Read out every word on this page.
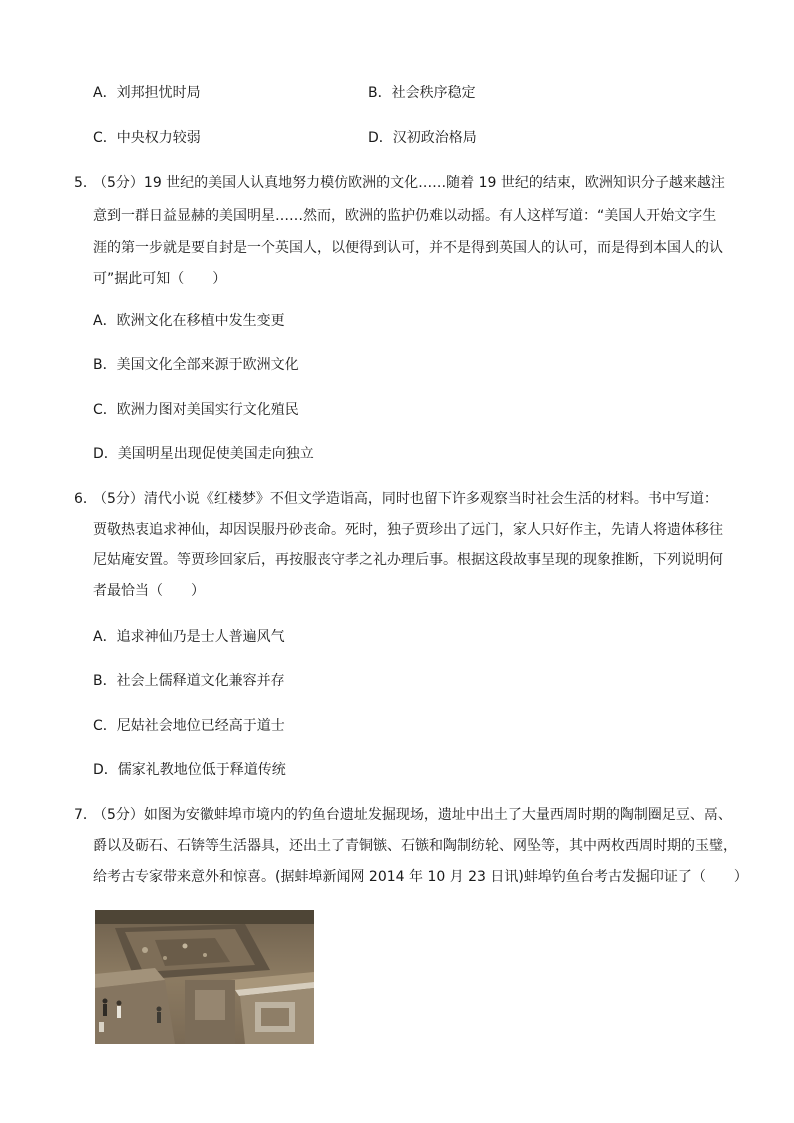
A．刘邦担忧时局	B．社会秩序稳定
C．中央权力较弱	D．汉初政治格局
5．
（5分）19 世纪的美国人认真地努力模仿欧洲的文化……随着 19 世纪的结束，欧洲知识分子越来越注
意到一群日益显赫的美国明星……然而，欧洲的监护仍难以动摇。有人这样写道：“美国人开始文字生
涯的第一步就是要自封是一个英国人，以便得到认可，并不是得到英国人的认可，而是得到本国人的认
可”据此可知（　　）
A．欧洲文化在移植中发生变更
B．美国文化全部来源于欧洲文化
C．欧洲力图对美国实行文化殖民
D．美国明星出现促使美国走向独立
6．
（5分）清代小说《红楼梦》不但文学造诣高，同时也留下许多观察当时社会生活的材料。书中写道：
贾敬热衷追求神仙，却因误服丹砂丧命。死时，独子贾珍出了远门，家人只好作主，先请人将遗体移往
尼姑庵安置。等贾珍回家后，再按服丧守孝之礼办理后事。根据这段故事呈现的现象推断，下列说明何
者最恰当（　　）
A．追求神仙乃是士人普遍风气
B．社会上儒释道文化兼容并存
C．尼姑社会地位已经高于道士
D．儒家礼教地位低于释道传统
7．
（5分）如图为安徽蚌埠市境内的钓鱼台遗址发掘现场，遗址中出土了大量西周时期的陶制圈足豆、鬲、
爵以及砺石、石锛等生活器具，还出土了青铜镞、石镞和陶制纺轮、网坠等，其中两枚西周时期的玉璧，
给考古专家带来意外和惊喜。(据蚌埠新闻网 2014 年 10 月 23 日讯)蚌埠钓鱼台考古发掘印证了（　　）
